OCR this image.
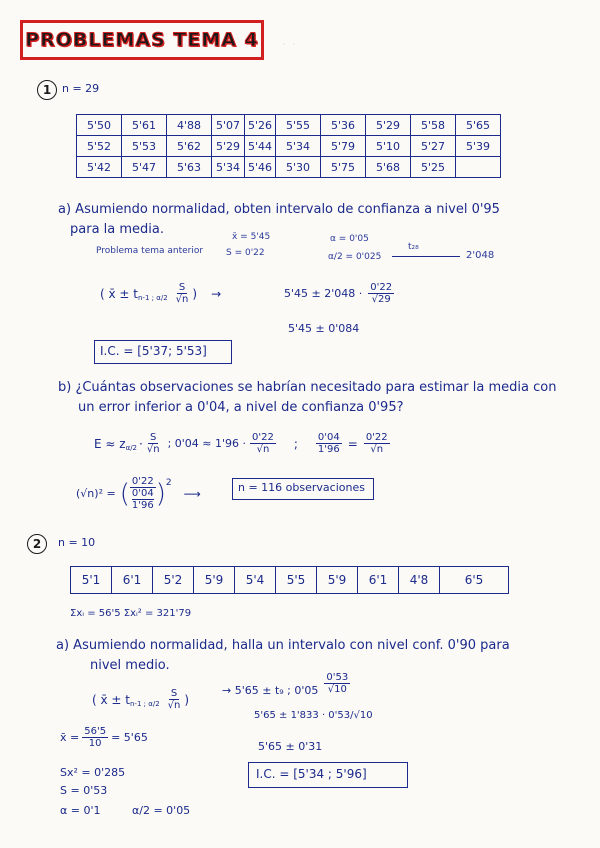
PROBLEMAS TEMA 4	⁠ ⁠· ⁠ ⁠ · ⁠ ⁠
1 n = 29
5'50	5'61	4'88	5'07	5'26	5'55	5'36	5'29	5'58	5'65
5'52	5'53	5'62	5'29	5'44	5'34	5'79	5'10	5'27	5'39
5'42	5'47	5'63	5'34	5'46	5'30	5'75	5'68	5'25	
a) Asumiendo normalidad, obten intervalo de confianza a nivel 0'95
para la media.
Problema tema anterior
x̄ = 5'45
S = 0'22
α = 0'05
α/2 = 0'025
t₂₈
2'048
( x̄ ± t n-1 ; $\alpha/2 \frac{S}{√n}$ ) →	$5'45 \pm 2'048 \cdot \frac{0'22}{√29}$
5'45 ± 0'084
I.C. = [5'37; 5'53]
b) ¿Cuántas observaciones se habrían necesitado para estimar la media con
un error inferior a 0'04, a nivel de confianza 0'95?
E ≈ z $\alpha/2 \cdot \frac{S}{√n}$ ; $0'04 \approx 1'96 \cdot \frac{0'22}{√n}$ ; $\frac{0'04}{1'96} = \frac{0'22}{√n}$
(√n)² = ( $\frac{0'22}{\frac{0'04}{1'96}}$ ) 2
⟶	n = 116 observaciones
2	n = 10
5'1	6'1	5'2	5'9	5'4	5'5	5'9	6'1	4'8	6'5
Σxᵢ = 56'5 Σxᵢ² = 321'79
a) Asumiendo normalidad, halla un intervalo con nivel conf. 0'90 para
nivel medio.
( x̄ ± t n-1 ; $\alpha/2 \frac{S}{√n}$ )
→ 5'65 ± t₉ ; $0'05 \frac{0'53}{√10}$
5'65 ± 1'833 · 0'53/√10
5'65 ± 0'31
x̄ = $\frac{56'5}{10} = 5'65$
Sx² = 0'285
S = 0'53
α = 0'1	α/2 = 0'05
I.C. = [5'34 ; 5'96]
